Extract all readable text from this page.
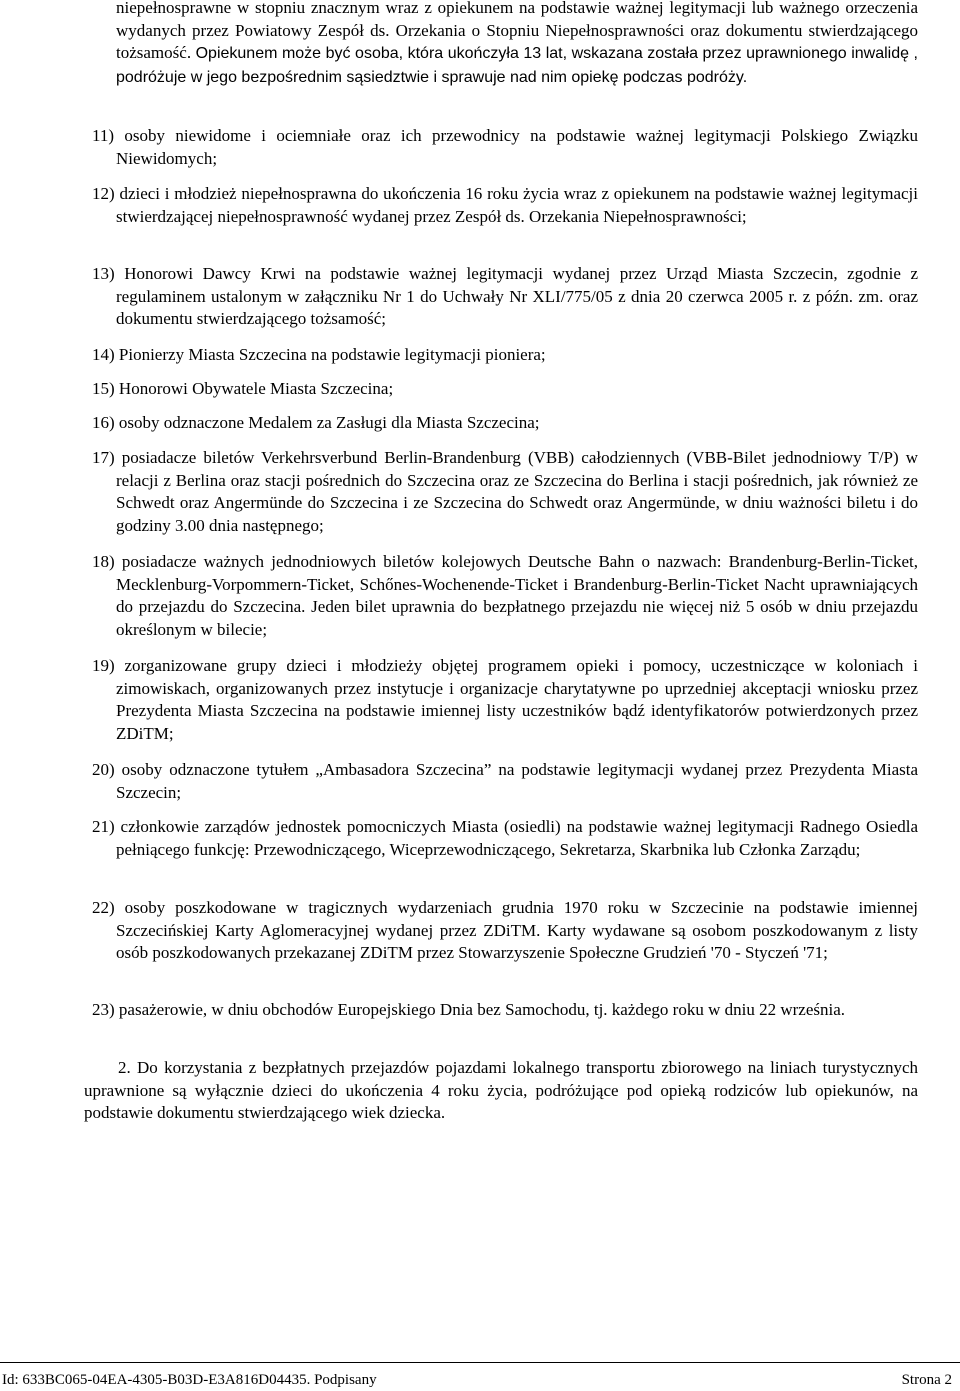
niepełnosprawne w stopniu znacznym wraz z opiekunem na podstawie ważnej legitymacji lub ważnego orzeczenia wydanych przez Powiatowy Zespół ds. Orzekania o Stopniu Niepełnosprawności oraz dokumentu stwierdzającego tożsamość. Opiekunem może być osoba, która ukończyła 13 lat, wskazana została przez uprawnionego inwalidę , podróżuje w jego bezpośrednim sąsiedztwie i sprawuje nad nim opiekę podczas podróży.

11) osoby niewidome i ociemniałe oraz ich przewodnicy na podstawie ważnej legitymacji Polskiego Związku Niewidomych;

12) dzieci i młodzież niepełnosprawna do ukończenia 16 roku życia wraz z opiekunem na podstawie ważnej legitymacji stwierdzającej niepełnosprawność wydanej przez Zespół ds. Orzekania Niepełnosprawności;

13) Honorowi Dawcy Krwi na podstawie ważnej legitymacji wydanej przez Urząd Miasta Szczecin, zgodnie z regulaminem ustalonym w załączniku Nr 1 do Uchwały Nr XLI/775/05 z dnia 20 czerwca 2005 r. z późn. zm. oraz dokumentu stwierdzającego tożsamość;

14) Pionierzy Miasta Szczecina na podstawie legitymacji pioniera;

15) Honorowi Obywatele Miasta Szczecina;

16) osoby odznaczone Medalem za Zasługi dla Miasta Szczecina;

17) posiadacze biletów Verkehrsverbund Berlin-Brandenburg (VBB) całodziennych (VBB-Bilet jednodniowy T/P) w relacji z Berlina oraz stacji pośrednich do Szczecina oraz ze Szczecina do Berlina i stacji pośrednich, jak również ze Schwedt oraz Angermünde do Szczecina i ze Szczecina do Schwedt oraz Angermünde, w dniu ważności biletu i do godziny 3.00 dnia następnego;

18) posiadacze ważnych jednodniowych biletów kolejowych Deutsche Bahn o nazwach: Brandenburg-Berlin-Ticket, Mecklenburg-Vorpommern-Ticket, Schőnes-Wochenende-Ticket i Brandenburg-Berlin-Ticket Nacht uprawniających do przejazdu do Szczecina. Jeden bilet uprawnia do bezpłatnego przejazdu nie więcej niż 5 osób w dniu przejazdu określonym w bilecie;

19) zorganizowane grupy dzieci i młodzieży objętej programem opieki i pomocy, uczestniczące w koloniach i zimowiskach, organizowanych przez instytucje i organizacje charytatywne po uprzedniej akceptacji wniosku przez Prezydenta Miasta Szczecina na podstawie imiennej listy uczestników bądź identyfikatorów potwierdzonych przez ZDiTM;

20) osoby odznaczone tytułem „Ambasadora Szczecina” na podstawie legitymacji wydanej przez Prezydenta Miasta Szczecin;

21) członkowie zarządów jednostek pomocniczych Miasta (osiedli) na podstawie ważnej legitymacji Radnego Osiedla pełniącego funkcję: Przewodniczącego, Wiceprzewodniczącego, Sekretarza, Skarbnika lub Członka Zarządu;

22) osoby poszkodowane w tragicznych wydarzeniach grudnia 1970 roku w Szczecinie na podstawie imiennej Szczecińskiej Karty Aglomeracyjnej wydanej przez ZDiTM. Karty wydawane są osobom poszkodowanym z listy osób poszkodowanych przekazanej ZDiTM przez Stowarzyszenie Społeczne Grudzień '70 - Styczeń '71;

23) pasażerowie, w dniu obchodów Europejskiego Dnia bez Samochodu, tj. każdego roku w dniu 22 września.

2. Do korzystania z bezpłatnych przejazdów pojazdami lokalnego transportu zbiorowego na liniach turystycznych uprawnione są wyłącznie dzieci do ukończenia 4 roku życia, podróżujące pod opieką rodziców lub opiekunów, na podstawie dokumentu stwierdzającego wiek dziecka.

Id: 633BC065-04EA-4305-B03D-E3A816D04435. Podpisany	Strona 2
